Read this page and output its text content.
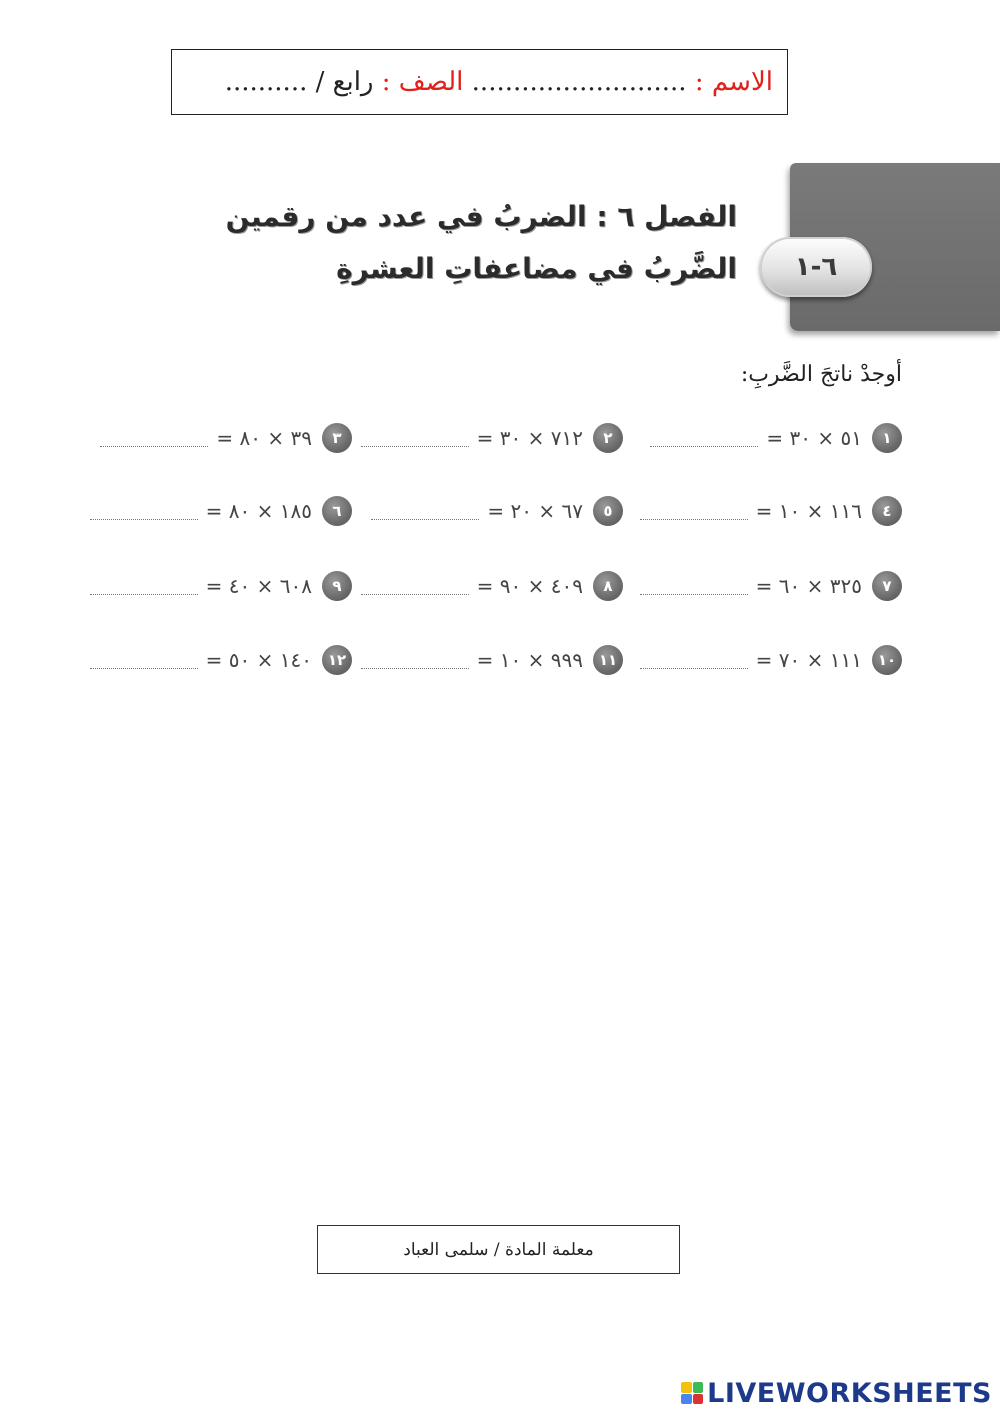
الاسم :
..........................
الصف :
رابع / ..........
٦-١
الفصل ٦ : الضربُ في عدد من رقمين
الضَّربُ في مضاعفاتِ العشرةِ
أوجدْ ناتجَ الضَّربِ:
١
٥١ × ٣٠ =
٢
٧١٢ × ٣٠ =
٣
٣٩ × ٨٠ =
٤
١١٦ × ١٠ =
٥
٦٧ × ٢٠ =
٦
١٨٥ × ٨٠ =
٧
٣٢٥ × ٦٠ =
٨
٤٠٩ × ٩٠ =
٩
٦٠٨ × ٤٠ =
١٠
١١١ × ٧٠ =
١١
٩٩٩ × ١٠ =
١٢
١٤٠ × ٥٠ =
معلمة المادة / سلمى العباد
LIVEWORKSHEETS
